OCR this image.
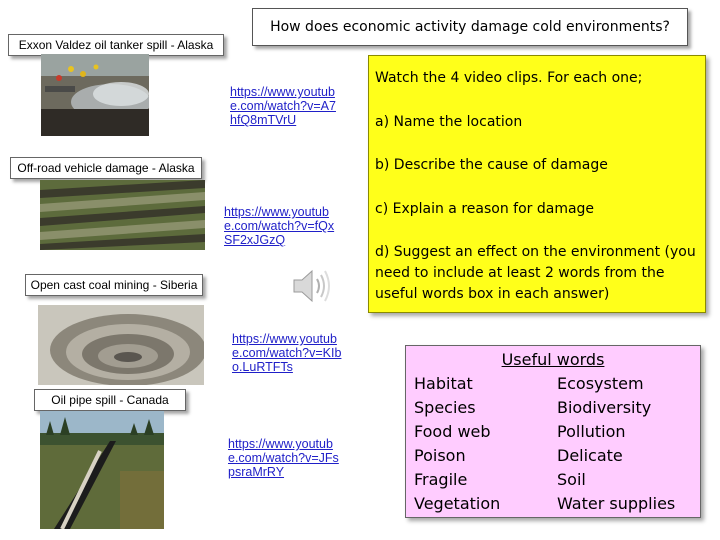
How does economic activity damage cold environments?
Exxon Valdez oil tanker spill - Alaska
https://www.youtube.com/watch?v=A7hfQ8mTVrU
Off-road vehicle damage - Alaska
https://www.youtube.com/watch?v=fQxSF2xJGzQ
Open cast coal mining - Siberia
https://www.youtube.com/watch?v=KIbo.LuRTFTs
Oil pipe spill - Canada
https://www.youtube.com/watch?v=JFspsraMrRY

Watch the 4 video clips. For each one;

a) Name the location

b) Describe the cause of damage

c) Explain a reason for damage

d) Suggest an effect on the environment (you need to include at least 2 words from the useful words box in each answer)

Useful words
Habitat
Species
Food web
Poison
Fragile
Vegetation
Ecosystem
Biodiversity
Pollution
Delicate
Soil
Water supplies
